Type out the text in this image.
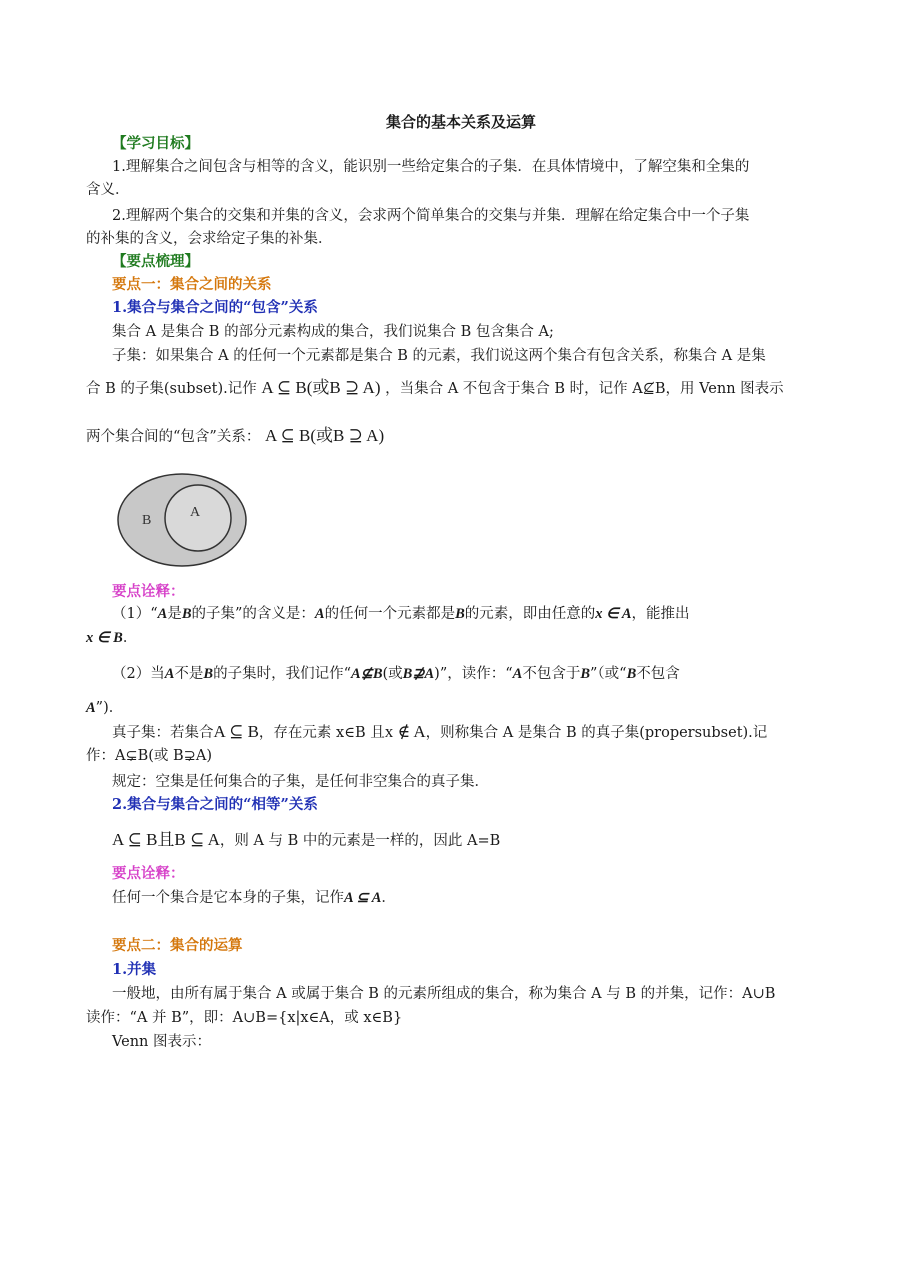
集合的基本关系及运算

【学习目标】

1.理解集合之间包含与相等的含义，能识别一些给定集合的子集．在具体情境中，了解空集和全集的

含义．

2.理解两个集合的交集和并集的含义，会求两个简单集合的交集与并集．理解在给定集合中一个子集

的补集的含义，会求给定子集的补集．

【要点梳理】

要点一：集合之间的关系

1.集合与集合之间的“包含”关系

集合 A 是集合 B 的部分元素构成的集合，我们说集合 B 包含集合 A;

子集：如果集合 A 的任何一个元素都是集合 B 的元素，我们说这两个集合有包含关系，称集合 A 是集

合 B 的子集(subset).记作 A ⊆ B(或B ⊇ A) ，当集合 A 不包含于集合 B 时，记作 A⊈B，用 Venn 图表示

两个集合间的“包含”关系： A ⊆ B(或B ⊇ A)

B
A

要点诠释：

（1）“A是B的子集”的含义是：A的任何一个元素都是B的元素，即由任意的x ∈ A，能推出

x ∈ B．

（2）当A不是B的子集时，我们记作“A⊈B(或B⊉A)”，读作：“A不包含于B”（或“B不包含

A”)．

真子集：若集合A ⊆ B，存在元素 x∈B 且x ∉ A，则称集合 A 是集合 B 的真子集(propersubset).记

作：A⊊B(或 B⊋A)

规定：空集是任何集合的子集，是任何非空集合的真子集．

2.集合与集合之间的“相等”关系

A ⊆ B且B ⊆ A，则 A 与 B 中的元素是一样的，因此 A=B

要点诠释：

任何一个集合是它本身的子集，记作A ⊆ A．

要点二：集合的运算

1.并集

一般地，由所有属于集合 A 或属于集合 B 的元素所组成的集合，称为集合 A 与 B 的并集，记作：A∪B

读作：“A 并 B”，即：A∪B={x|x∈A，或 x∈B}

Venn 图表示：
